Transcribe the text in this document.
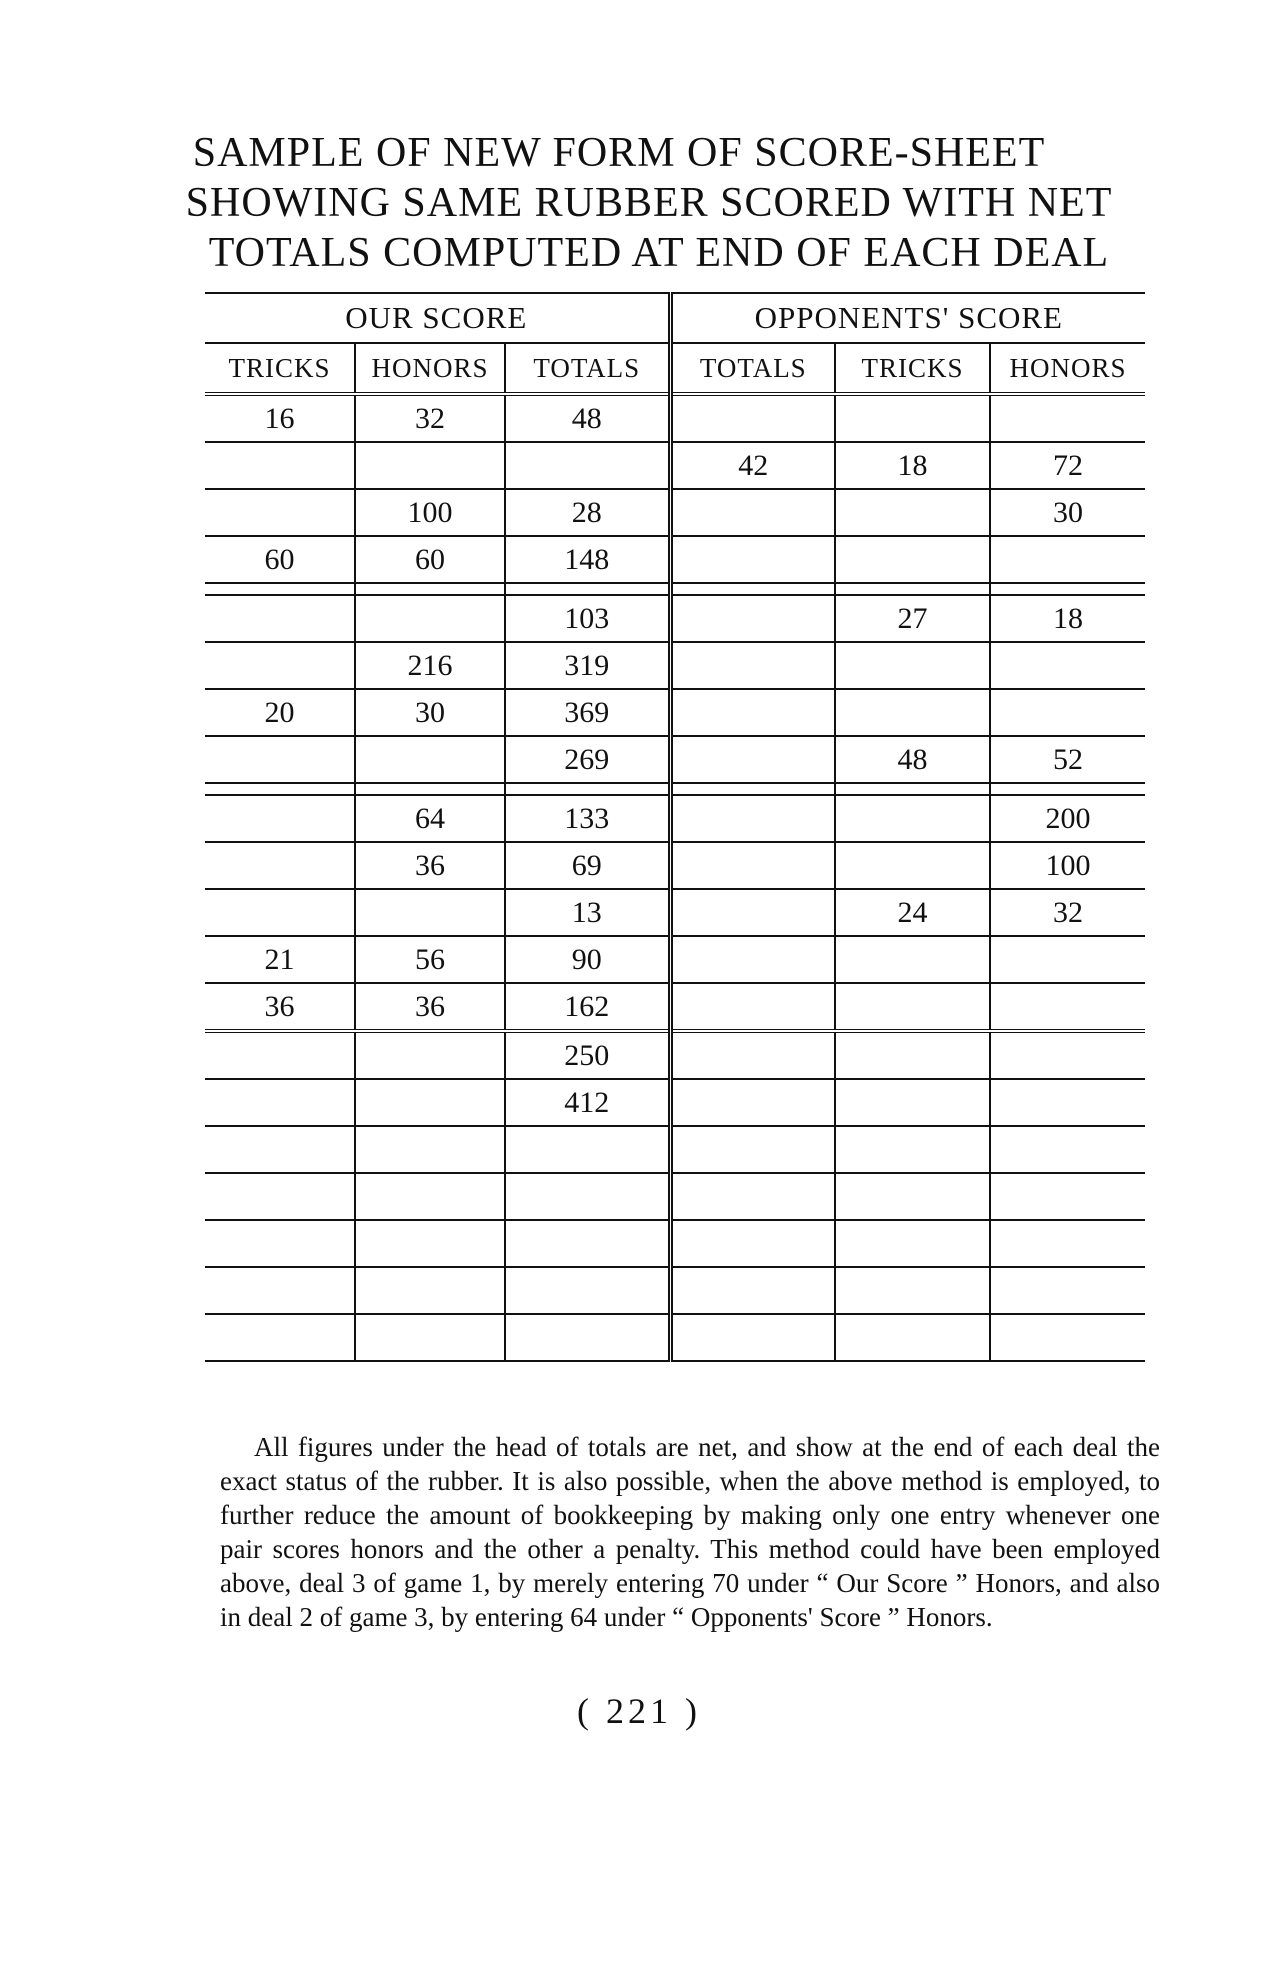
SAMPLE OF NEW FORM OF SCORE-SHEET
SHOWING SAME RUBBER SCORED WITH NET
TOTALS COMPUTED AT END OF EACH DEAL
OUR SCORE			OPPONENTS' SCORE		
TRICKS	HONORS	TOTALS	TOTALS	TRICKS	HONORS
16	32	48			
			42	18	72
	100	28			30
60	60	148			

		103		27	18
	216	319			
20	30	369			
		269		48	52

	64	133			200
	36	69			100
		13		24	32
21	56	90			
36	36	162			
		250			
		412			

All figures under the head of totals are net, and show at the end of each deal the exact status of the rubber. It is also possible, when the above method is employed, to further reduce the amount of bookkeeping by making only one entry whenever one pair scores honors and the other a penalty. This method could have been employed above, deal 3 of game 1, by merely entering 70 under “ Our Score ” Honors, and also in deal 2 of game 3, by entering 64 under “ Opponents' Score ” Honors.

( 221 )
